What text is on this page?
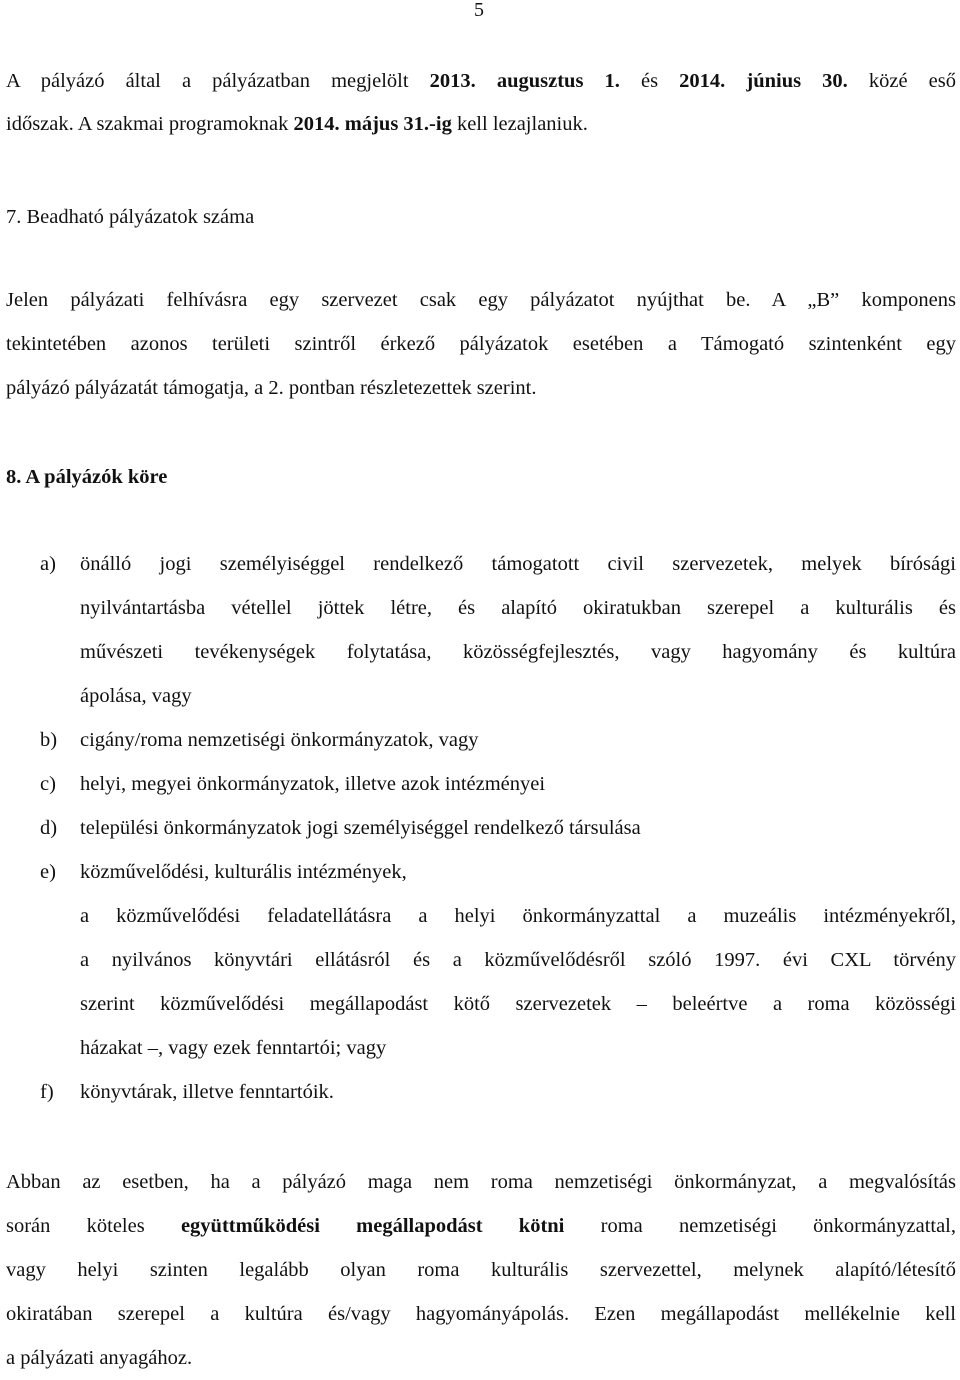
5
A pályázó által a pályázatban megjelölt 2013. augusztus 1. és 2014. június 30. közé eső
időszak. A szakmai programoknak 2014. május 31.-ig kell lezajlaniuk.
7. Beadható pályázatok száma
Jelen pályázati felhívásra egy szervezet csak egy pályázatot nyújthat be. A „B” komponens
tekintetében azonos területi szintről érkező pályázatok esetében a Támogató szintenként egy
pályázó pályázatát támogatja, a 2. pontban részletezettek szerint.
8. A pályázók köre
a) önálló jogi személyiséggel rendelkező támogatott civil szervezetek, melyek bírósági
nyilvántartásba vétellel jöttek létre, és alapító okiratukban szerepel a kulturális és
művészeti tevékenységek folytatása, közösségfejlesztés, vagy hagyomány és kultúra
ápolása, vagy
b) cigány/roma nemzetiségi önkormányzatok, vagy
c) helyi, megyei önkormányzatok, illetve azok intézményei
d) települési önkormányzatok jogi személyiséggel rendelkező társulása
e) közművelődési, kulturális intézmények,
a közművelődési feladatellátásra a helyi önkormányzattal a muzeális intézményekről,
a nyilvános könyvtári ellátásról és a közművelődésről szóló 1997. évi CXL törvény
szerint közművelődési megállapodást kötő szervezetek – beleértve a roma közösségi
házakat –, vagy ezek fenntartói; vagy
f) könyvtárak, illetve fenntartóik.
Abban az esetben, ha a pályázó maga nem roma nemzetiségi önkormányzat, a megvalósítás
során köteles együttműködési megállapodást kötni roma nemzetiségi önkormányzattal,
vagy helyi szinten legalább olyan roma kulturális szervezettel, melynek alapító/létesítő
okiratában szerepel a kultúra és/vagy hagyományápolás. Ezen megállapodást mellékelnie kell
a pályázati anyagához.
